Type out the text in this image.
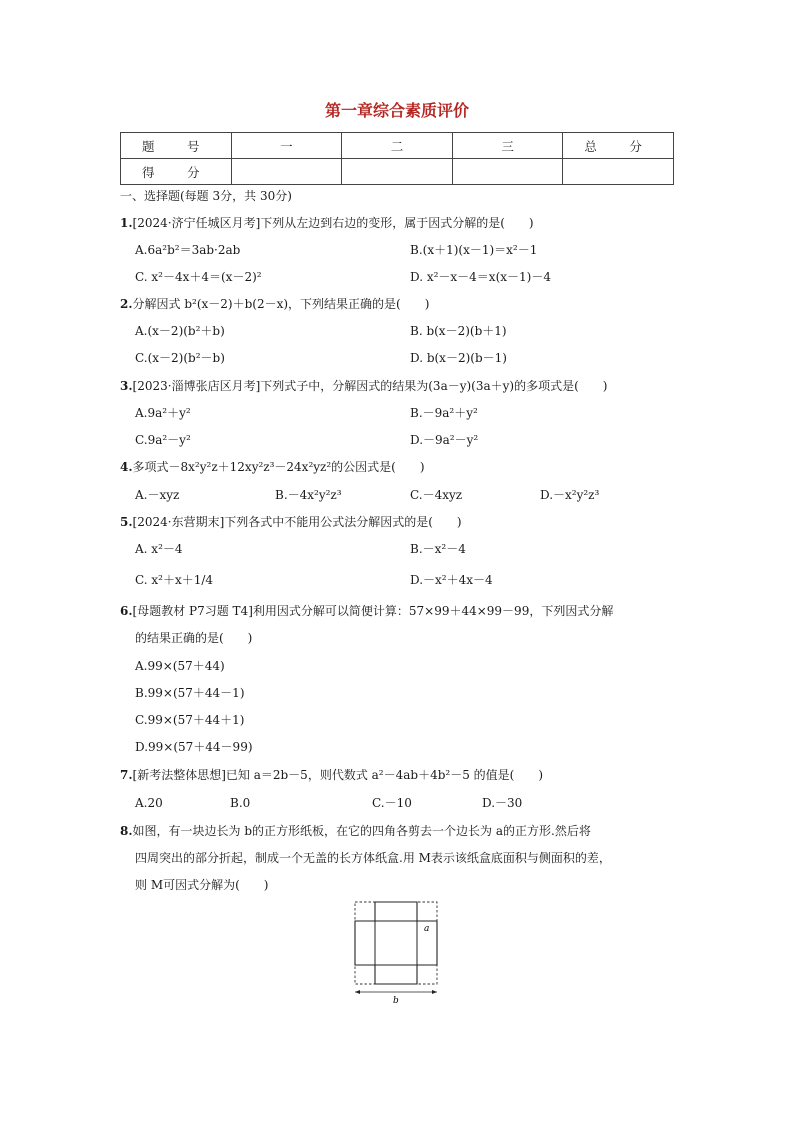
第一章综合素质评价
题　号	一	二	三	总　分
得　分				
一、选择题(每题 3分，共 30分)
1.[2024·济宁任城区月考]下列从左边到右边的变形，属于因式分解的是(　　)
A.6a²b²＝3ab·2ab	B.(x＋1)(x－1)＝x²－1
C. x²－4x＋4＝(x－2)²	D. x²－x－4＝x(x－1)－4
2.分解因式 b²(x－2)＋b(2－x)，下列结果正确的是(　　)
A.(x－2)(b²＋b)	B. b(x－2)(b＋1)
C.(x－2)(b²－b)	D. b(x－2)(b－1)
3.[2023·淄博张店区月考]下列式子中，分解因式的结果为(3a－y)(3a＋y)的多项式是(　　)
A.9a²＋y²	B.－9a²＋y²
C.9a²－y²	D.－9a²－y²
4.多项式－8x²y²z＋12xy²z³－24x²yz²的公因式是(　　)
A.－xyz	B.－4x²y²z³	C.－4xyz	D.－x²y²z³
5.[2024·东营期末]下列各式中不能用公式法分解因式的是(　　)
A. x²－4	B.－x²－4
C. x²＋x＋1/4	D.－x²＋4x－4
6.[母题教材 P7习题 T4]利用因式分解可以简便计算：57×99＋44×99－99，下列因式分解
的结果正确的是(　　)
A.99×(57＋44)
B.99×(57＋44－1)
C.99×(57＋44＋1)
D.99×(57＋44－99)
7.[新考法整体思想]已知 a＝2b－5，则代数式 a²－4ab＋4b²－5 的值是(　　)
A.20	B.0	C.－10	D.－30
8.如图，有一块边长为 b的正方形纸板，在它的四角各剪去一个边长为 a的正方形.然后将
四周突出的部分折起，制成一个无盖的长方体纸盒.用 M表示该纸盒底面积与侧面积的差，
则 M可因式分解为(　　)
a
b
